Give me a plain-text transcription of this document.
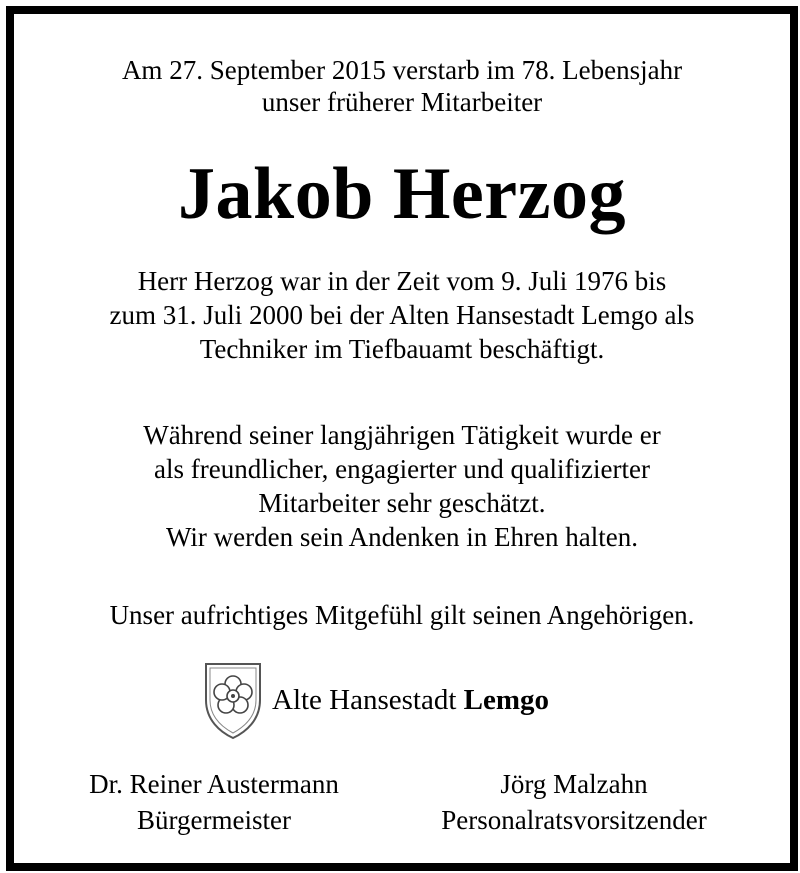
Am 27. September 2015 verstarb im 78. Lebensjahr
unser früherer Mitarbeiter

Jakob Herzog

Herr Herzog war in der Zeit vom 9. Juli 1976 bis
zum 31. Juli 2000 bei der Alten Hansestadt Lemgo als
Techniker im Tiefbauamt beschäftigt.

Während seiner langjährigen Tätigkeit wurde er
als freundlicher, engagierter und qualifizierter
Mitarbeiter sehr geschätzt.
Wir werden sein Andenken in Ehren halten.

Unser aufrichtiges Mitgefühl gilt seinen Angehörigen.

Alte Hansestadt Lemgo
Dr. Reiner Austermann
Bürgermeister
Jörg Malzahn
Personalratsvorsitzender
